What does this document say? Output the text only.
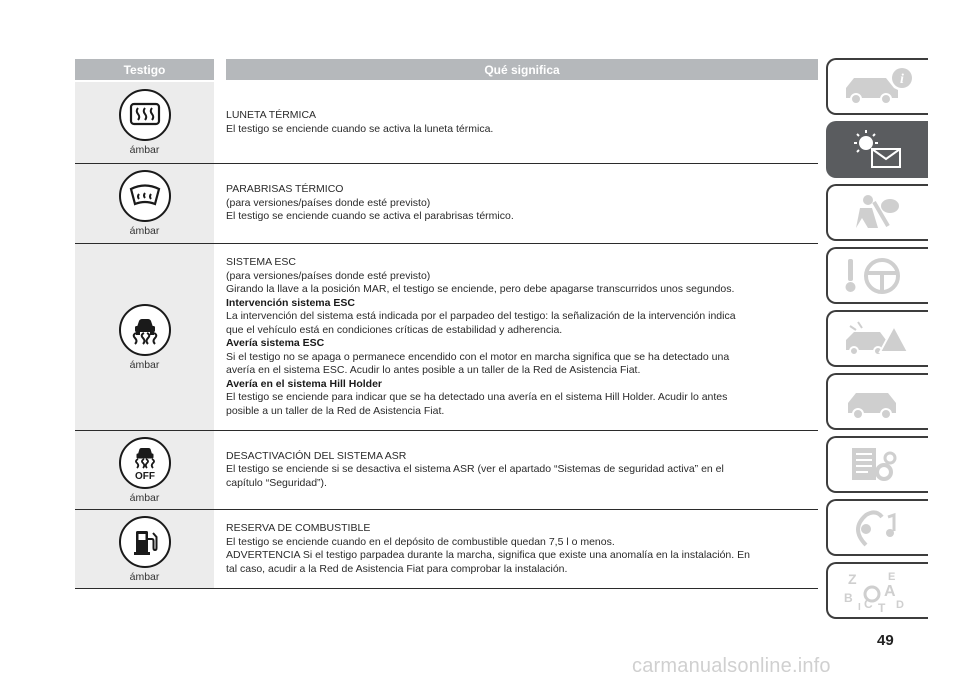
Testigo	Qué significa
ámbar
LUNETA TÉRMICA
El testigo se enciende cuando se activa la luneta térmica.
ámbar
PARABRISAS TÉRMICO
(para versiones/países donde esté previsto)
El testigo se enciende cuando se activa el parabrisas térmico.
ámbar
SISTEMA ESC
(para versiones/países donde esté previsto)
Girando la llave a la posición MAR, el testigo se enciende, pero debe apagarse transcurridos unos segundos.
Intervención sistema ESC
La intervención del sistema está indicada por el parpadeo del testigo: la señalización de la intervención indica
que el vehículo está en condiciones críticas de estabilidad y adherencia.
Avería sistema ESC
Si el testigo no se apaga o permanece encendido con el motor en marcha significa que se ha detectado una
avería en el sistema ESC. Acudir lo antes posible a un taller de la Red de Asistencia Fiat.
Avería en el sistema Hill Holder
El testigo se enciende para indicar que se ha detectado una avería en el sistema Hill Holder. Acudir lo antes
posible a un taller de la Red de Asistencia Fiat.
OFF
ámbar
DESACTIVACIÓN DEL SISTEMA ASR
El testigo se enciende si se desactiva el sistema ASR (ver el apartado “Sistemas de seguridad activa” en el
capítulo “Seguridad”).
ámbar
RESERVA DE COMBUSTIBLE
El testigo se enciende cuando en el depósito de combustible quedan 7,5 l o menos.
ADVERTENCIA Si el testigo parpadea durante la marcha, significa que existe una anomalía en la instalación. En
tal caso, acudir a la Red de Asistencia Fiat para comprobar la instalación.
i
Z	E
B A
D
I C T
49
carmanualsonline.info
